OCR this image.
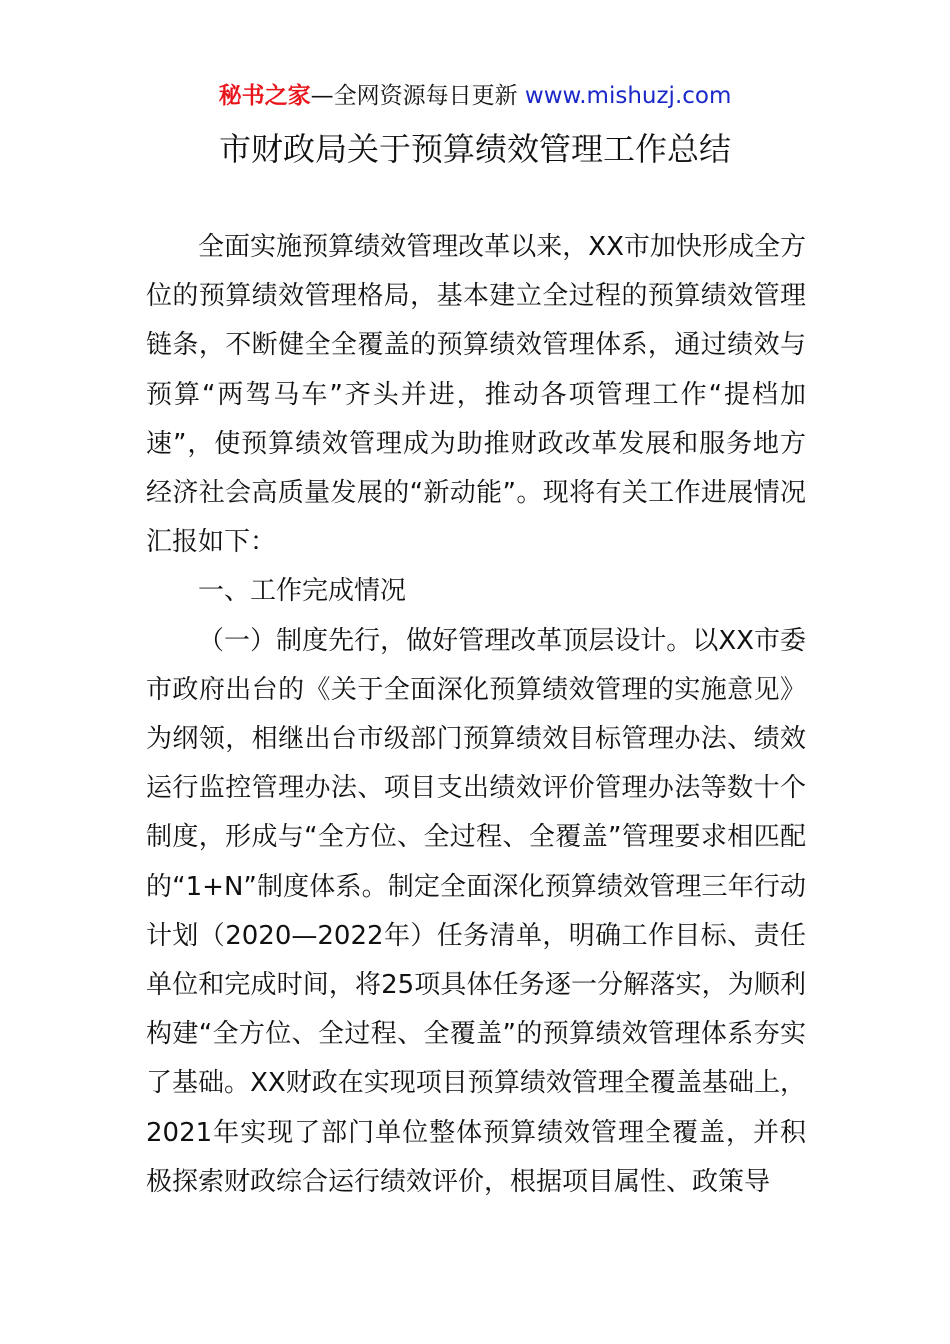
秘书之家—全网资源每日更新 www.mishuzj.com
市财政局关于预算绩效管理工作总结

全面实施预算绩效管理改革以来，XX市加快形成全方位的预算绩效管理格局，基本建立全过程的预算绩效管理链条，不断健全全覆盖的预算绩效管理体系，通过绩效与预算“两驾马车”齐头并进，推动各项管理工作“提档加速”，使预算绩效管理成为助推财政改革发展和服务地方经济社会高质量发展的“新动能”。现将有关工作进展情况汇报如下：

一、工作完成情况

（一）制度先行，做好管理改革顶层设计。以XX市委市政府出台的《关于全面深化预算绩效管理的实施意见》为纲领，相继出台市级部门预算绩效目标管理办法、绩效运行监控管理办法、项目支出绩效评价管理办法等数十个制度，形成与“全方位、全过程、全覆盖”管理要求相匹配的“1+N”制度体系。制定全面深化预算绩效管理三年行动计划（2020—2022年）任务清单，明确工作目标、责任单位和完成时间，将25项具体任务逐一分解落实，为顺利构建“全方位、全过程、全覆盖”的预算绩效管理体系夯实了基础。XX财政在实现项目预算绩效管理全覆盖基础上，2021年实现了部门单位整体预算绩效管理全覆盖，并积极探索财政综合运行绩效评价，根据项目属性、政策导
